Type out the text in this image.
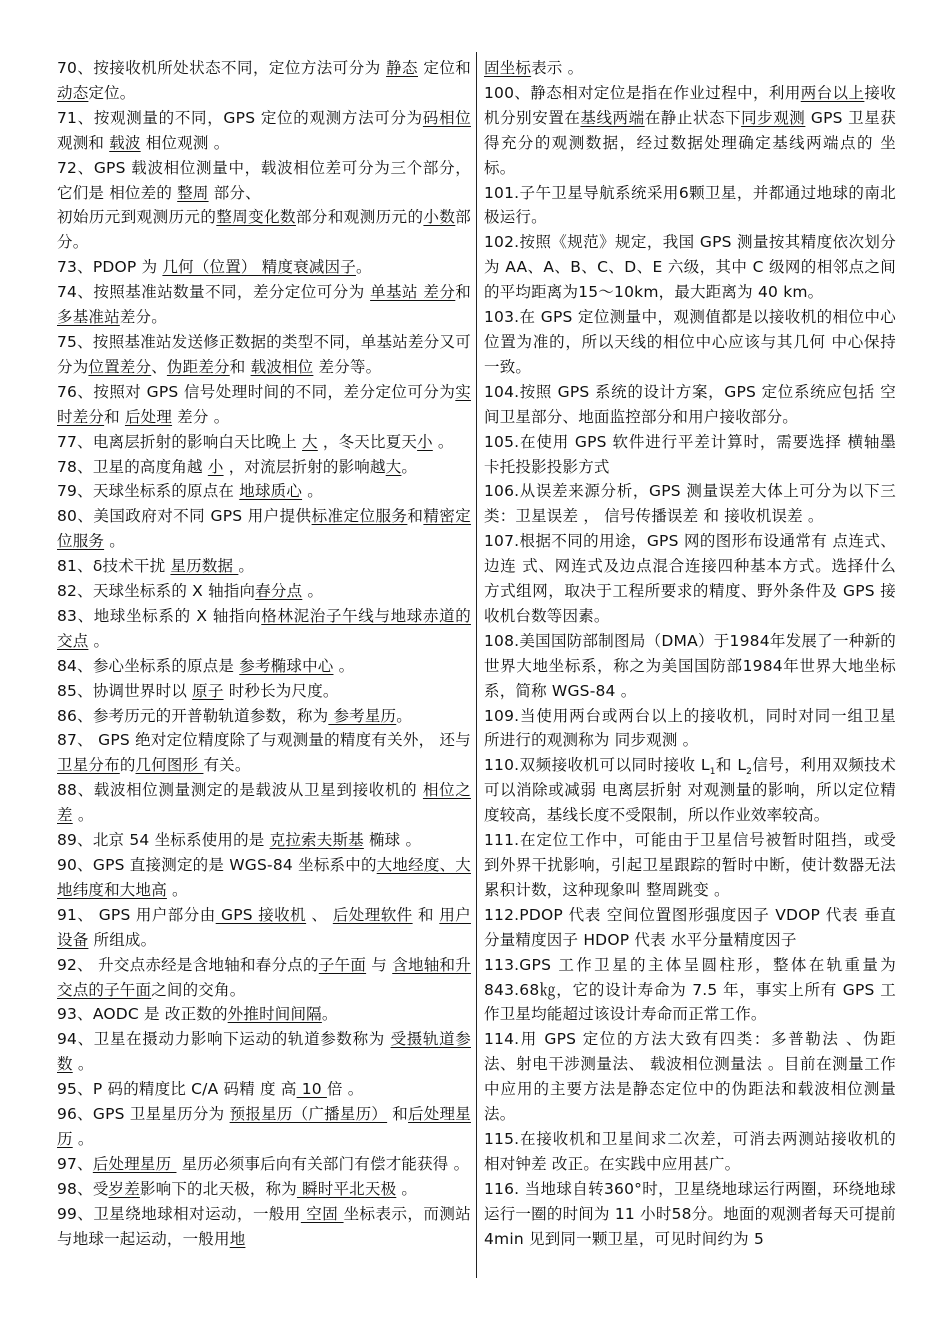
70、按接收机所处状态不同，定位方法可分为 静态 定位和动态定位。

71、按观测量的不同，GPS 定位的观测方法可分为码相位观测和 载波 相位观测 。

72、GPS 载波相位测量中，载波相位差可分为三个部分，它们是 相位差的 整周 部分、

初始历元到观测历元的整周变化数部分和观测历元的小数部分。

73、PDOP 为 几何（位置） 精度衰减因子。

74、按照基准站数量不同，差分定位可分为 单基站 差分和多基准站差分。

75、按照基准站发送修正数据的类型不同，单基站差分又可分为位置差分、伪距差分和 载波相位 差分等。

76、按照对 GPS 信号处理时间的不同，差分定位可分为实时差分和 后处理 差分 。

77、电离层折射的影响白天比晚上 大 ，冬天比夏天小 。

78、卫星的高度角越 小 ，对流层折射的影响越大。

79、天球坐标系的原点在 地球质心 。

80、美国政府对不同 GPS 用户提供标准定位服务和精密定位服务 。

81、δ技术干扰 星历数据 。

82、天球坐标系的 X 轴指向春分点 。

83、地球坐标系的 X 轴指向格林泥治子午线与地球赤道的交点 。

84、参心坐标系的原点是 参考椭球中心 。

85、协调世界时以 原子 时秒长为尺度。

86、参考历元的开普勒轨道参数，称为 参考星历。

87、 GPS 绝对定位精度除了与观测量的精度有关外， 还与 卫星分布的几何图形 有关。

88、载波相位测量测定的是载波从卫星到接收机的 相位之差 。

89、北京 54 坐标系使用的是 克拉索夫斯基 椭球 。

90、GPS 直接测定的是 WGS-84 坐标系中的大地经度、大地纬度和大地高 。

91、 GPS 用户部分由 GPS 接收机 、 后处理软件 和 用户设备 所组成。

92、 升交点赤经是含地轴和春分点的子午面 与 含地轴和升交点的子午面之间的交角。

93、AODC 是 改正数的外推时间间隔。

94、卫星在摄动力影响下运动的轨道参数称为 受摄轨道参数 。

95、P 码的精度比 C/A 码精 度 高 10 倍 。

96、GPS 卫星星历分为 预报星历（广播星历） 和后处理星历 。

97、后处理星历  星历必须事后向有关部门有偿才能获得 。

98、受岁差影响下的北天极，称为 瞬时平北天极 。

99、卫星绕地球相对运动，一般用 空固 坐标表示，而测站与地球一起运动，一般用地

固坐标表示 。

100、静态相对定位是指在作业过程中，利用两台以上接收机分别安置在基线两端在静止状态下同步观测 GPS 卫星获得充分的观测数据，经过数据处理确定基线两端点的 坐标。

101.子午卫星导航系统采用6颗卫星，并都通过地球的南北极运行。

102.按照《规范》规定，我国 GPS 测量按其精度依次划分为 AA、A、B、C、D、E 六级，其中 C 级网的相邻点之间的平均距离为15～10km，最大距离为 40 km。

103.在 GPS 定位测量中，观测值都是以接收机的相位中心位置为准的，所以天线的相位中心应该与其几何 中心保持一致。

104.按照 GPS 系统的设计方案，GPS 定位系统应包括 空间卫星部分、地面监控部分和用户接收部分。

105.在使用 GPS 软件进行平差计算时，需要选择 横轴墨卡托投影投影方式

106.从误差来源分析，GPS 测量误差大体上可分为以下三类：卫星误差 ， 信号传播误差 和 接收机误差 。

107.根据不同的用途，GPS 网的图形布设通常有 点连式、 边连 式、网连式及边点混合连接四种基本方式。选择什么方式组网，取决于工程所要求的精度、野外条件及 GPS 接收机台数等因素。

108.美国国防部制图局（DMA）于1984年发展了一种新的世界大地坐标系，称之为美国国防部1984年世界大地坐标系，简称 WGS-84 。

109.当使用两台或两台以上的接收机，同时对同一组卫星所进行的观测称为 同步观测 。

110.双频接收机可以同时接收 $L_1$和 $L_2$信号，利用双频技术可以消除或减弱 电离层折射 对观测量的影响，所以定位精度较高，基线长度不受限制，所以作业效率较高。

111.在定位工作中，可能由于卫星信号被暂时阻挡，或受到外界干扰影响，引起卫星跟踪的暂时中断，使计数器无法累积计数，这种现象叫 整周跳变 。

112.PDOP 代表 空间位置图形强度因子 VDOP 代表 垂直分量精度因子 HDOP 代表 水平分量精度因子

113.GPS 工作卫星的主体呈圆柱形，整体在轨重量为843.68㎏，它的设计寿命为 7.5 年，事实上所有 GPS 工作卫星均能超过该设计寿命而正常工作。

114.用 GPS 定位的方法大致有四类：多普勒法 、伪距法、射电干涉测量法、 载波相位测量法 。目前在测量工作中应用的主要方法是静态定位中的伪距法和载波相位测量法。

115.在接收机和卫星间求二次差，可消去两测站接收机的 相对钟差 改正。在实践中应用甚广。

116. 当地球自转360°时，卫星绕地球运行两圈，环绕地球运行一圈的时间为 11 小时58分。地面的观测者每天可提前4min 见到同一颗卫星，可见时间约为 5
